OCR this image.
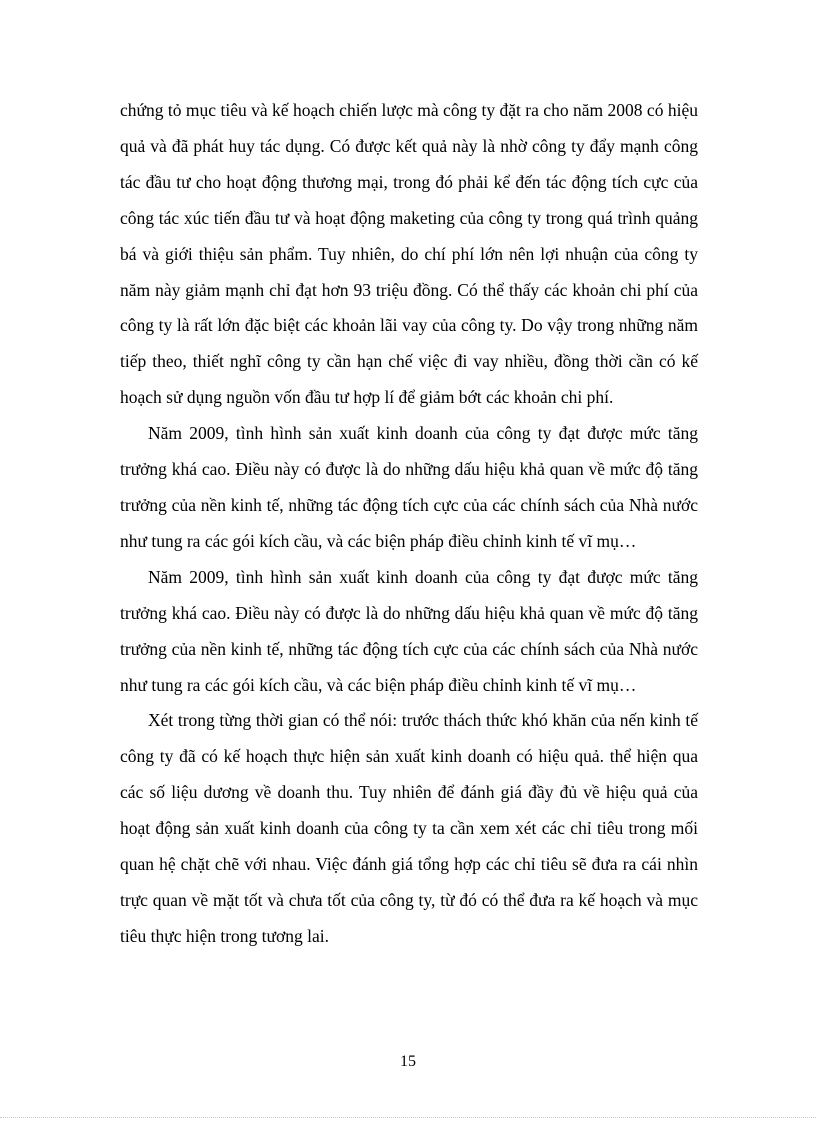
chứng tỏ mục tiêu và kế hoạch chiến lược mà công ty đặt ra cho năm 2008 có hiệu quả và đã phát huy tác dụng. Có được kết quả này là nhờ công ty đẩy mạnh công tác đầu tư cho hoạt động thương mại, trong đó phải kể đến tác động tích cực của công tác xúc tiến đầu tư và hoạt động maketing của công ty trong quá trình quảng bá và giới thiệu sản phẩm. Tuy nhiên, do chí phí lớn nên lợi nhuận của công ty năm này giảm mạnh chỉ đạt hơn 93 triệu đồng. Có thể thấy các khoản chi phí của công ty là rất lớn đặc biệt các khoản lãi vay của công ty. Do vậy trong những năm tiếp theo, thiết nghĩ công ty cần hạn chế việc đi vay nhiều, đồng thời cần có kế hoạch sử dụng nguồn vốn đầu tư hợp lí để giảm bớt các khoản chi phí.

Năm 2009, tình hình sản xuất kinh doanh của công ty đạt được mức tăng trưởng khá cao. Điều này có được là do những dấu hiệu khả quan về mức độ tăng trưởng của nền kinh tế, những tác động tích cực của các chính sách của Nhà nước như tung ra các gói kích cầu, và các biện pháp điều chỉnh kinh tế vĩ mụ…

Năm 2009, tình hình sản xuất kinh doanh của công ty đạt được mức tăng trưởng khá cao. Điều này có được là do những dấu hiệu khả quan về mức độ tăng trưởng của nền kinh tế, những tác động tích cực của các chính sách của Nhà nước như tung ra các gói kích cầu, và các biện pháp điều chỉnh kinh tế vĩ mụ…

Xét trong từng thời gian có thể nói: trước thách thức khó khăn của nến kinh tế công ty đã có kế hoạch thực hiện sản xuất kinh doanh có hiệu quả. thể hiện qua các số liệu dương về doanh thu. Tuy nhiên để đánh giá đầy đủ về hiệu quả của hoạt động sản xuất kinh doanh của công ty ta cần xem xét các chỉ tiêu trong mối quan hệ chặt chẽ với nhau. Việc đánh giá tổng hợp các chỉ tiêu sẽ đưa ra cái nhìn trực quan về mặt tốt và chưa tốt của công ty, từ đó có thể đưa ra kế hoạch và mục tiêu thực hiện trong tương lai.

15
